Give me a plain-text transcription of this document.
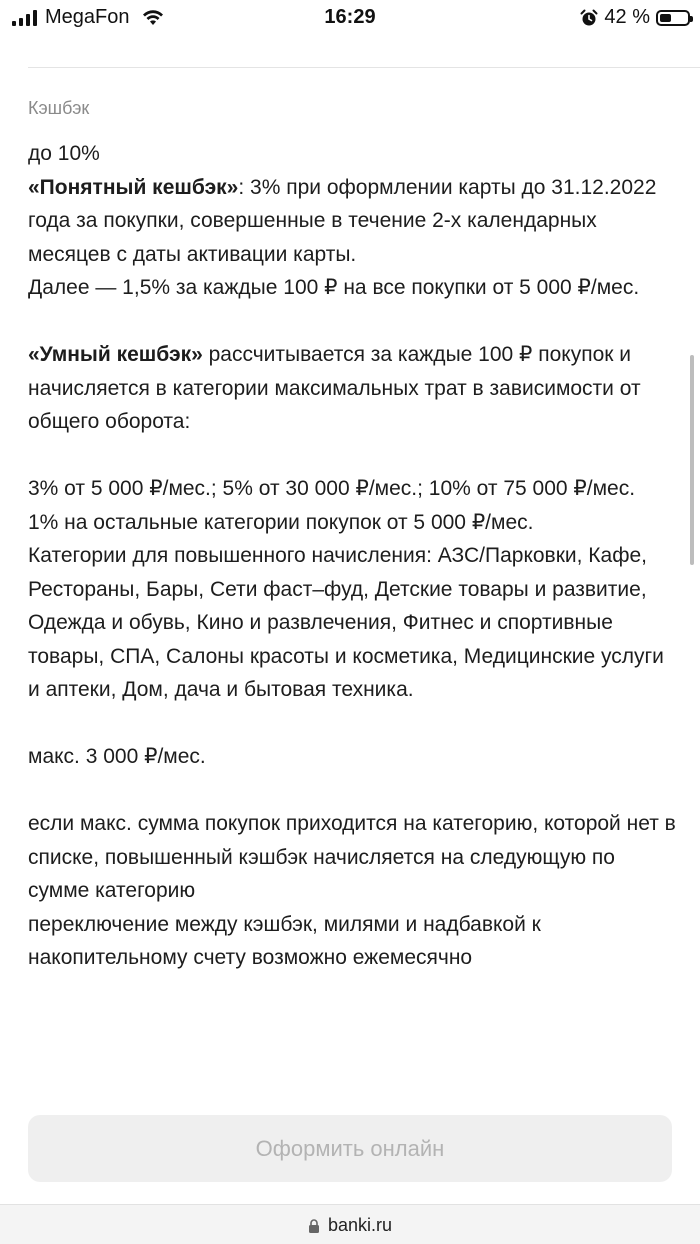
MegaFon	16:29	42 %
Кэшбэк

до 10%

«Понятный кешбэк»: 3% при оформлении карты до 31.12.2022 года за покупки, совершенные в течение 2-х календарных месяцев с даты активации карты.

Далее — 1,5% за каждые 100 ₽ на все покупки от 5 000 ₽/мес.

«Умный кешбэк» рассчитывается за каждые 100 ₽ покупок и начисляется в категории максимальных трат в зависимости от общего оборота:

3% от 5 000 ₽/мес.; 5% от 30 000 ₽/мес.; 10% от 75 000 ₽/мес.

1% на остальные категории покупок от 5 000 ₽/мес.

Категории для повышенного начисления: АЗС/Парковки, Кафе, Рестораны, Бары, Сети фаст–фуд, Детские товары и развитие, Одежда и обувь, Кино и развлечения, Фитнес и спортивные товары, СПА, Салоны красоты и косметика, Медицинские услуги и аптеки, Дом, дача и бытовая техника.

макс. 3 000 ₽/мес.

если макс. сумма покупок приходится на категорию, которой нет в списке, повышенный кэшбэк начисляется на следующую по сумме категорию

переключение между кэшбэк, милями и надбавкой к накопительному счету возможно ежемесячно

Оформить онлайн
banki.ru
